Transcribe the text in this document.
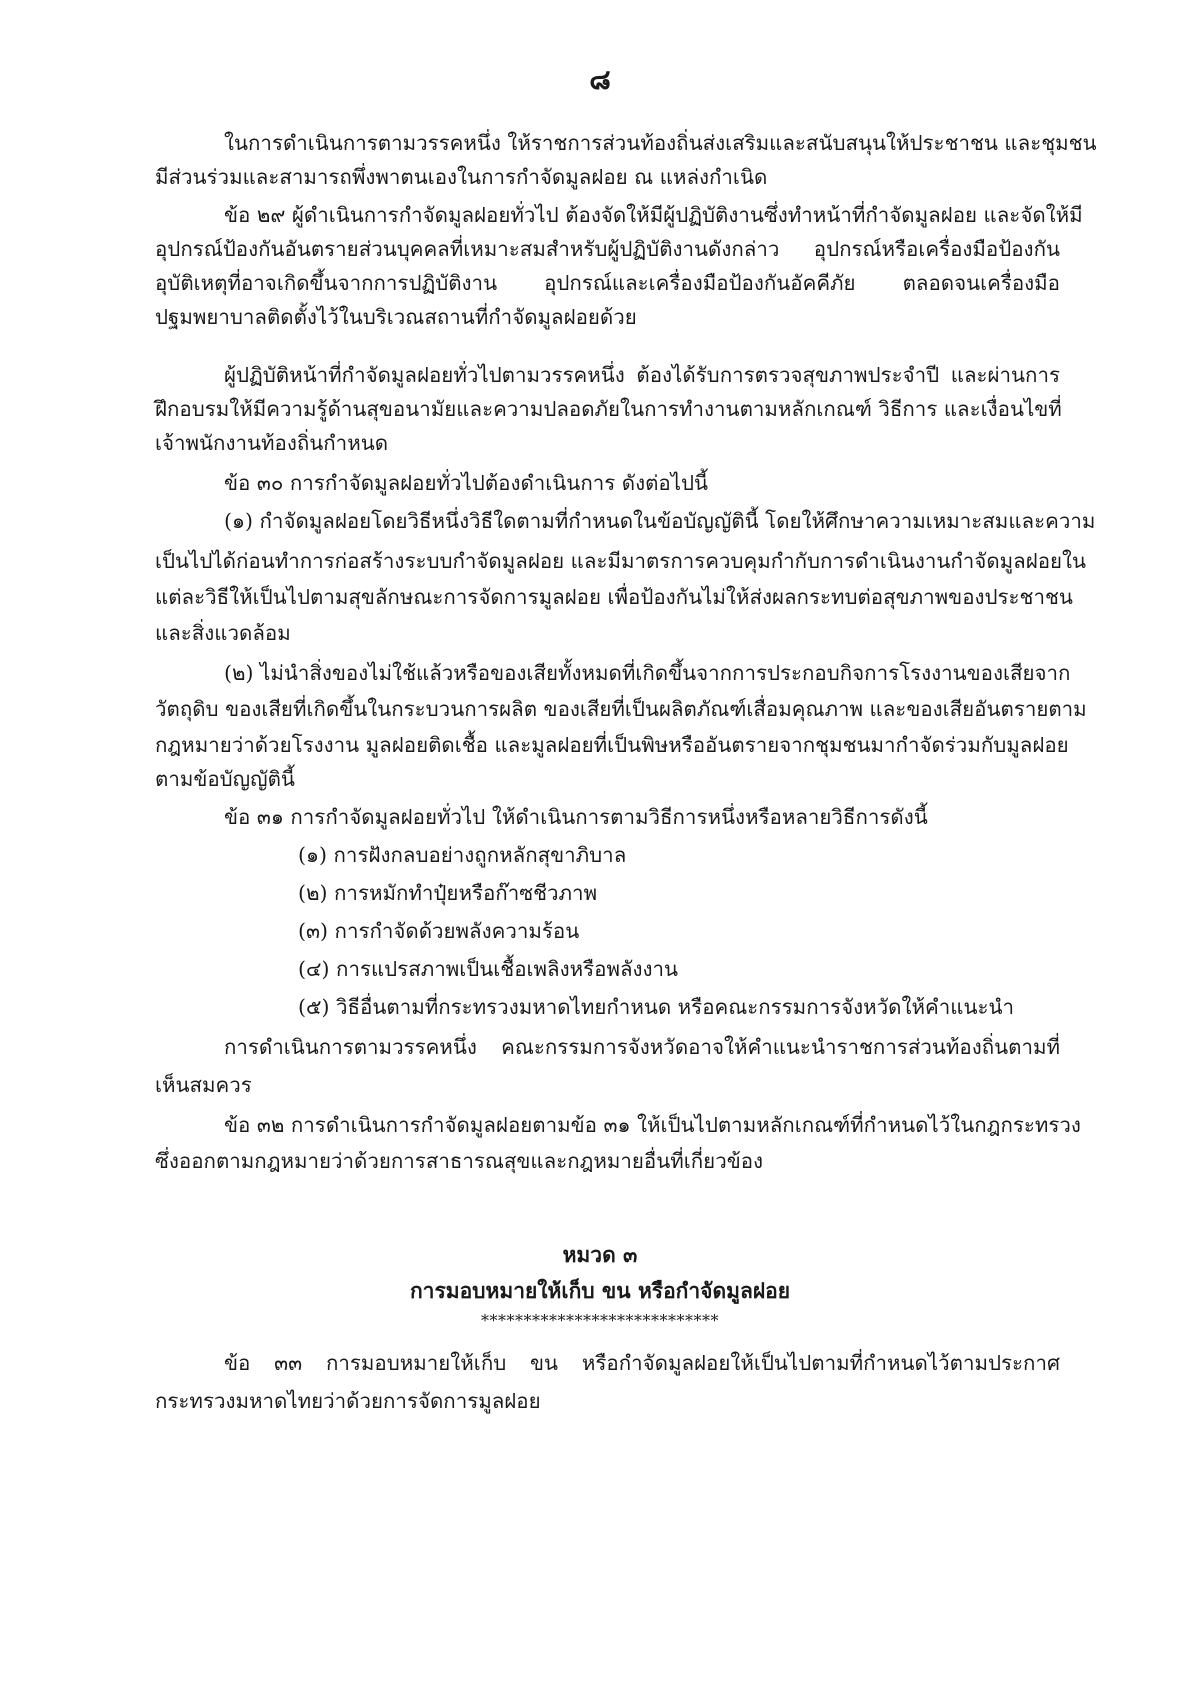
๘
ในการดำเนินการตามวรรคหนึ่ง ให้ราชการส่วนท้องถิ่นส่งเสริมและสนับสนุนให้ประชาชน และชุมชน
มีส่วนร่วมและสามารถพึ่งพาตนเองในการกำจัดมูลฝอย ณ แหล่งกำเนิด
ข้อ ๒๙ ผู้ดำเนินการกำจัดมูลฝอยทั่วไป ต้องจัดให้มีผู้ปฏิบัติงานซึ่งทำหน้าที่กำจัดมูลฝอย และจัดให้มี
อุปกรณ์ป้องกันอันตรายส่วนบุคคลที่เหมาะสมสำหรับผู้ปฏิบัติงานดังกล่าว อุปกรณ์หรือเครื่องมือป้องกัน
อุบัติเหตุที่อาจเกิดขึ้นจากการปฏิบัติงาน อุปกรณ์และเครื่องมือป้องกันอัคคีภัย ตลอดจนเครื่องมือ
ปฐมพยาบาลติดตั้งไว้ในบริเวณสถานที่กำจัดมูลฝอยด้วย
ผู้ปฏิบัติหน้าที่กำจัดมูลฝอยทั่วไปตามวรรคหนึ่ง ต้องได้รับการตรวจสุขภาพประจำปี และผ่านการ
ฝึกอบรมให้มีความรู้ด้านสุขอนามัยและความปลอดภัยในการทำงานตามหลักเกณฑ์ วิธีการ และเงื่อนไขที่
เจ้าพนักงานท้องถิ่นกำหนด
ข้อ ๓๐ การกำจัดมูลฝอยทั่วไปต้องดำเนินการ ดังต่อไปนี้
(๑) กำจัดมูลฝอยโดยวิธีหนึ่งวิธีใดตามที่กำหนดในข้อบัญญัตินี้ โดยให้ศึกษาความเหมาะสมและความ
เป็นไปได้ก่อนทำการก่อสร้างระบบกำจัดมูลฝอย และมีมาตรการควบคุมกำกับการดำเนินงานกำจัดมูลฝอยใน
แต่ละวิธีให้เป็นไปตามสุขลักษณะการจัดการมูลฝอย เพื่อป้องกันไม่ให้ส่งผลกระทบต่อสุขภาพของประชาชน
และสิ่งแวดล้อม
(๒) ไม่นำสิ่งของไม่ใช้แล้วหรือของเสียทั้งหมดที่เกิดขึ้นจากการประกอบกิจการโรงงานของเสียจาก
วัตถุดิบ ของเสียที่เกิดขึ้นในกระบวนการผลิต ของเสียที่เป็นผลิตภัณฑ์เสื่อมคุณภาพ และของเสียอันตรายตาม
กฎหมายว่าด้วยโรงงาน มูลฝอยติดเชื้อ และมูลฝอยที่เป็นพิษหรืออันตรายจากชุมชนมากำจัดร่วมกับมูลฝอย
ตามข้อบัญญัตินี้
ข้อ ๓๑ การกำจัดมูลฝอยทั่วไป ให้ดำเนินการตามวิธีการหนึ่งหรือหลายวิธีการดังนี้
(๑) การฝังกลบอย่างถูกหลักสุขาภิบาล
(๒) การหมักทำปุ๋ยหรือก๊าซชีวภาพ
(๓) การกำจัดด้วยพลังความร้อน
(๔) การแปรสภาพเป็นเชื้อเพลิงหรือพลังงาน
(๕) วิธีอื่นตามที่กระทรวงมหาดไทยกำหนด หรือคณะกรรมการจังหวัดให้คำแนะนำ
การดำเนินการตามวรรคหนึ่ง คณะกรรมการจังหวัดอาจให้คำแนะนำราชการส่วนท้องถิ่นตามที่
เห็นสมควร
ข้อ ๓๒ การดำเนินการกำจัดมูลฝอยตามข้อ ๓๑ ให้เป็นไปตามหลักเกณฑ์ที่กำหนดไว้ในกฎกระทรวง
ซึ่งออกตามกฎหมายว่าด้วยการสาธารณสุขและกฎหมายอื่นที่เกี่ยวข้อง
หมวด ๓
การมอบหมายให้เก็บ ขน หรือกำจัดมูลฝอย
****************************
ข้อ ๓๓ การมอบหมายให้เก็บ ขน หรือกำจัดมูลฝอยให้เป็นไปตามที่กำหนดไว้ตามประกาศ
กระทรวงมหาดไทยว่าด้วยการจัดการมูลฝอย
